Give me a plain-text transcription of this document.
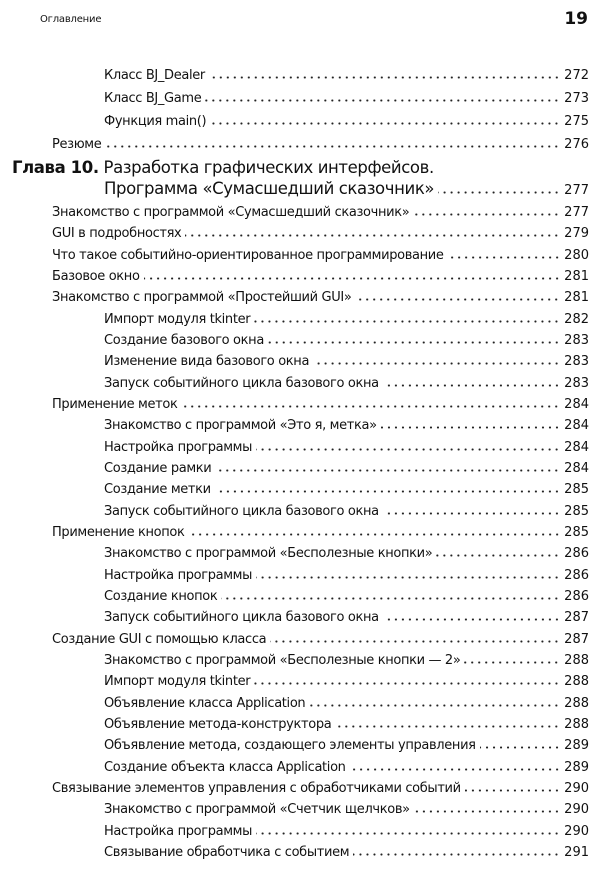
Оглавление	19
Глава 10. Разработка графических интерфейсов.
Программа «Сумасшедший сказочник»	277
Класс BJ_Dealer	272
Класс BJ_Game	273
Функция main()	275
Резюме	276
Знакомство с программой «Сумасшедший сказочник»	277
GUI в подробностях	279
Что такое событийно-ориентированное программирование	280
Базовое окно	281
Знакомство с программой «Простейший GUI»	281
Импорт модуля tkinter	282
Создание базового окна	283
Изменение вида базового окна	283
Запуск событийного цикла базового окна	283
Применение меток	284
Знакомство с программой «Это я, метка»	284
Настройка программы	284
Создание рамки	284
Создание метки	285
Запуск событийного цикла базового окна	285
Применение кнопок	285
Знакомство с программой «Бесполезные кнопки»	286
Настройка программы	286
Создание кнопок	286
Запуск событийного цикла базового окна	287
Создание GUI с помощью класса	287
Знакомство с программой «Бесполезные кнопки — 2»	288
Импорт модуля tkinter	288
Объявление класса Application	288
Объявление метода-конструктора	288
Объявление метода, создающего элементы управления	289
Создание объекта класса Application	289
Связывание элементов управления с обработчиками событий	290
Знакомство с программой «Счетчик щелчков»	290
Настройка программы	290
Связывание обработчика с событием	291
